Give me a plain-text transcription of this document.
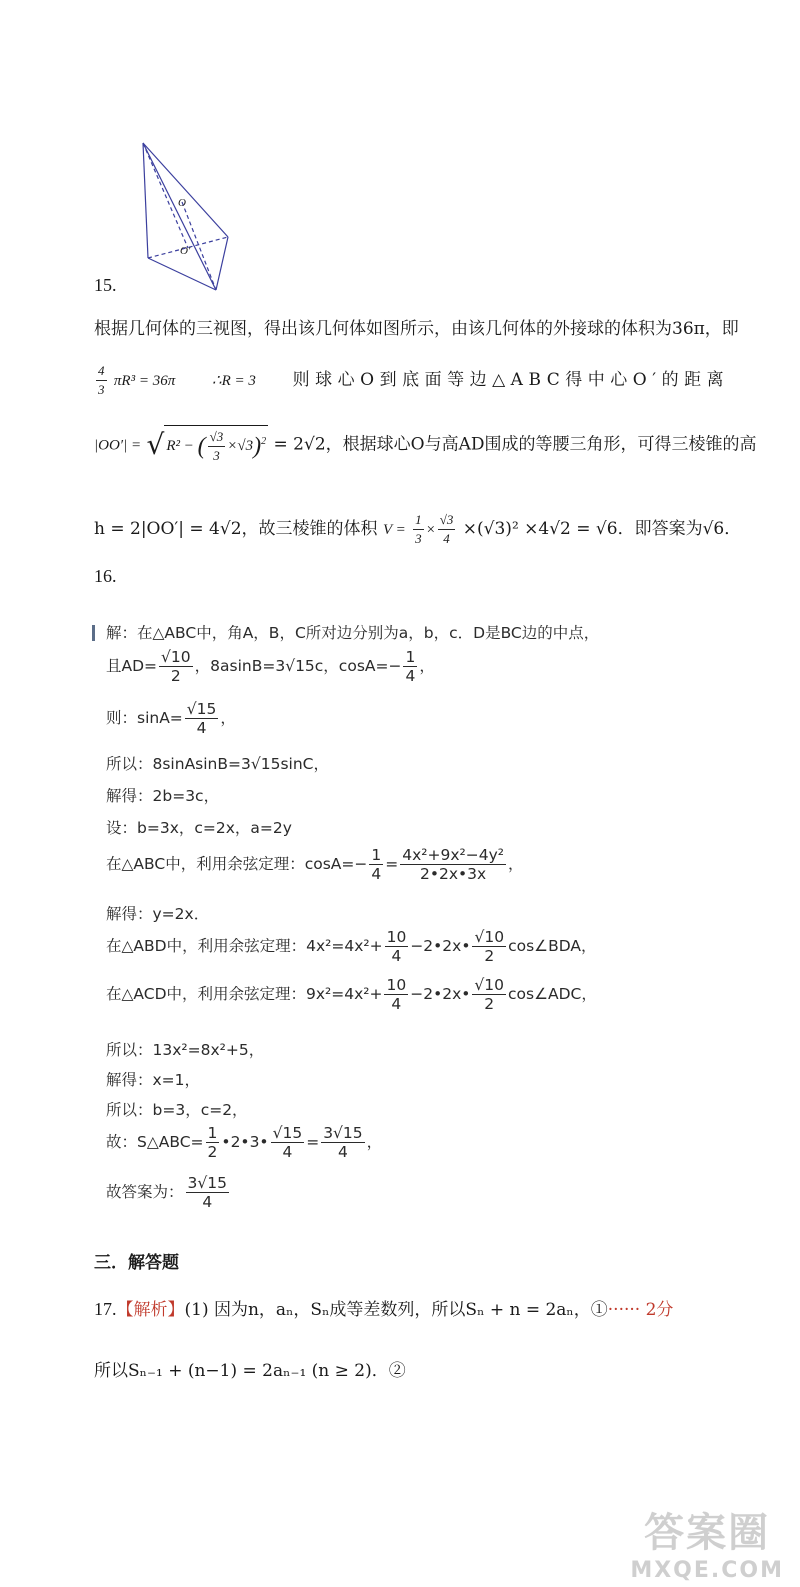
O
O′
15.
根据几何体的三视图，得出该几何体如图所示，由该几何体的外接球的体积为36π，即
$\frac{4}{3} \pi R^3 = 36\pi$ ∴R = 3 则球心O到底面等边△ABC得中心O′的距离
|OO′| = √ R² − ( $\frac{√3}{3} \times√3)^2 = 2√2$，根据球心O与高AD围成的等腰三角形，可得三棱锥的高
h = 2|OO′| = 4√2，故三棱锥的体积 $V = \frac{1}{3} \times \frac{√3}{4} \times(√3)^2 \times 4√2 = √6$．即答案为√6．
16.
解：在△ABC中，角A，B，C所对边分别为a，b，c．D是BC边的中点，
且$AD= \frac{√10}{2}$ ，8asinB=3√15c，$\cos A=- \frac{1}{4}$ ，
则：$\sin A= \frac{√15}{4}$ ，
所以：8sinAsinB=3√15sinC，
解得：2b=3c，
设：b=3x，c=2x，a=2y
在△ABC中，利用余弦定理：$\cos A=- \frac{1}{4} = \frac{\text{4x²+9x²−4y²}}{2•2x•3x}$ ，
解得：y=2x．
在△ABD中，利用余弦定理：$4x^2=4x^2+ \frac{10}{4}$ −2•2x• $\frac{√10}{2}$ cos∠BDA，
在△ACD中，利用余弦定理：$9x^2=4x^2+ \frac{10}{4}$ −2•2x• $\frac{√10}{2}$ cos∠ADC，
所以：13x²=8x²+5，
解得：x=1，
所以：b=3，c=2，
故：S△ABC= $\frac{1}{2}$ •2•3• $\frac{√15}{4} = \frac{3√15}{4}$ ，
故答案为： $\frac{3√15}{4}$
三．解答题
17.【解析】(1) 因为n，aₙ，Sₙ成等差数列，所以Sₙ + n = 2aₙ，①······ 2分
所以Sₙ₋₁ + (n−1) = 2aₙ₋₁ (n ≥ 2)．②
答案圈
MXQE.COM
